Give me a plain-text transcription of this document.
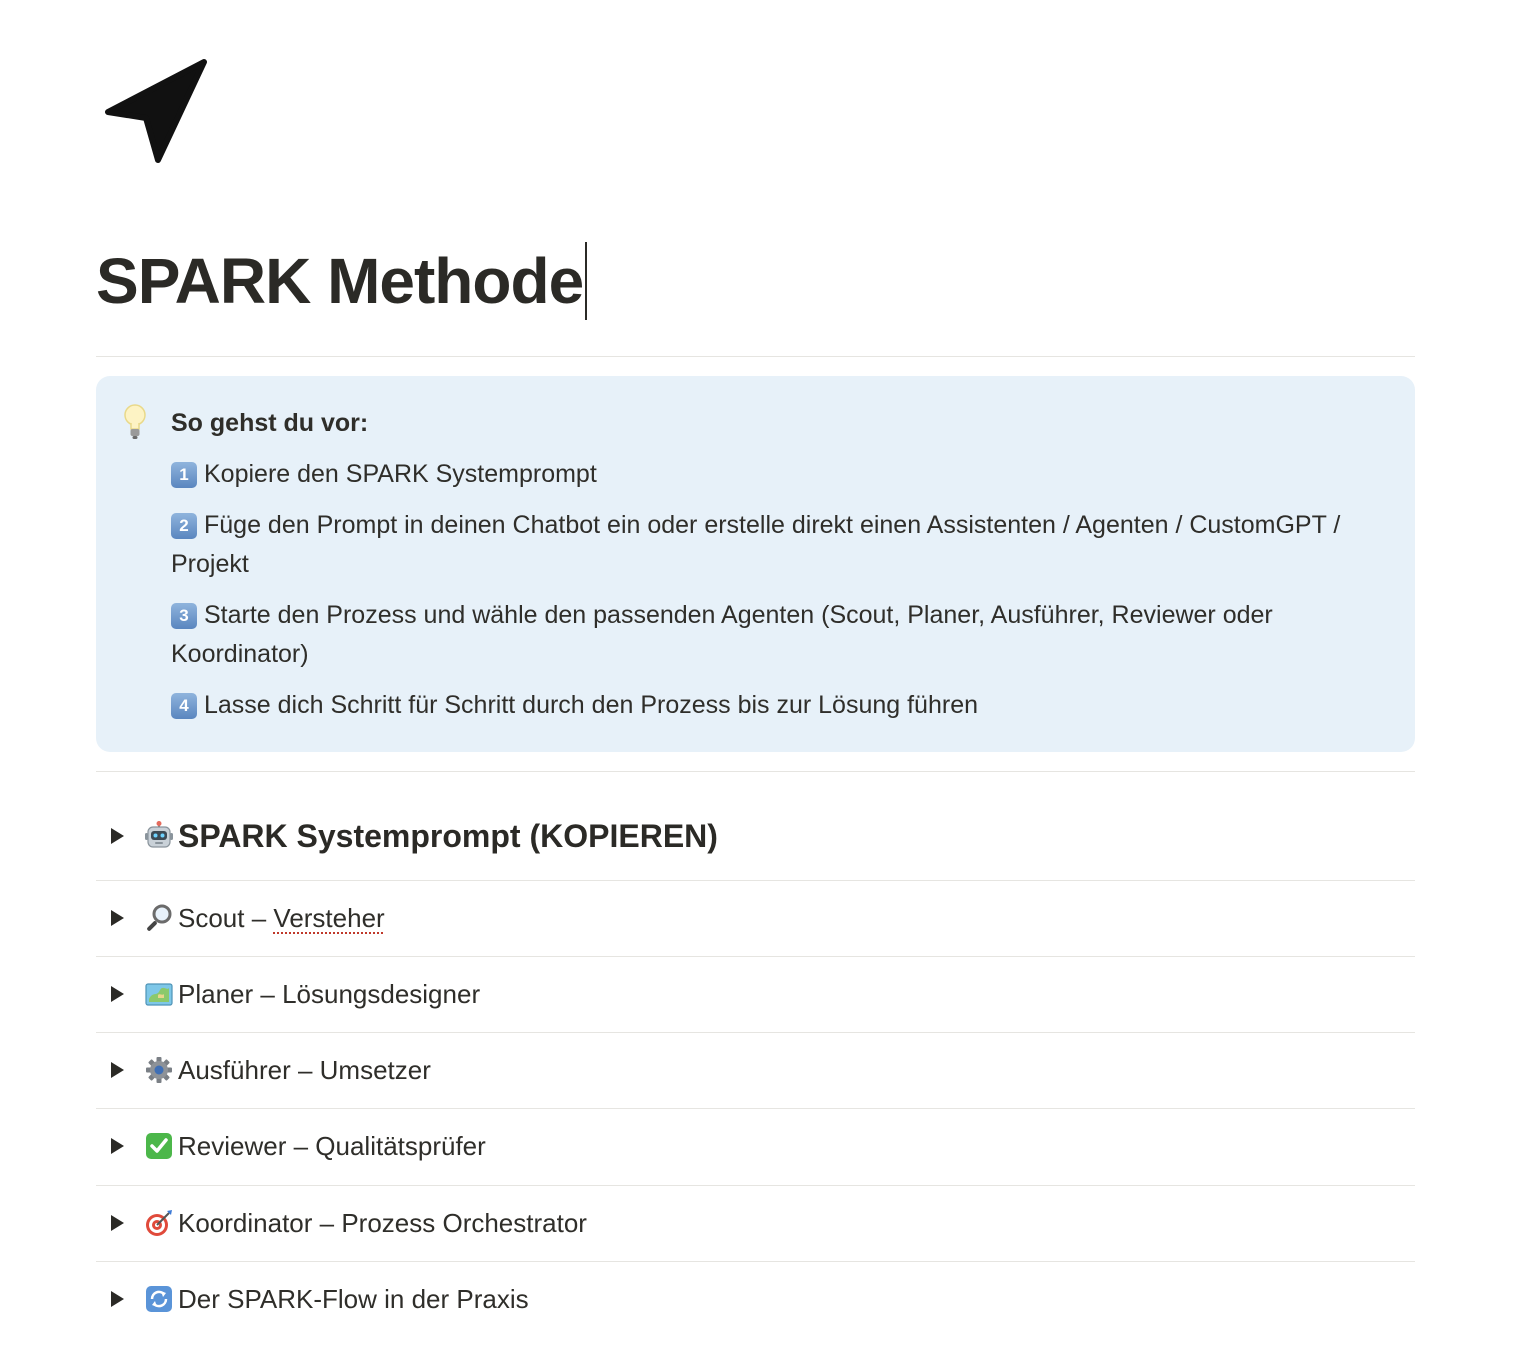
SPARK Methode
So gehst du vor:
1 Kopiere den SPARK Systemprompt
2 Füge den Prompt in deinen Chatbot ein oder erstelle direkt einen Assistenten / Agenten / CustomGPT / Projekt
3 Starte den Prozess und wähle den passenden Agenten (Scout, Planer, Ausführer, Reviewer oder Koordinator)
4 Lasse dich Schritt für Schritt durch den Prozess bis zur Lösung führen
SPARK Systemprompt (KOPIEREN)
Scout – Versteher
Planer – Lösungsdesigner
Ausführer – Umsetzer
Reviewer – Qualitätsprüfer
Koordinator – Prozess Orchestrator
Der SPARK-Flow in der Praxis
